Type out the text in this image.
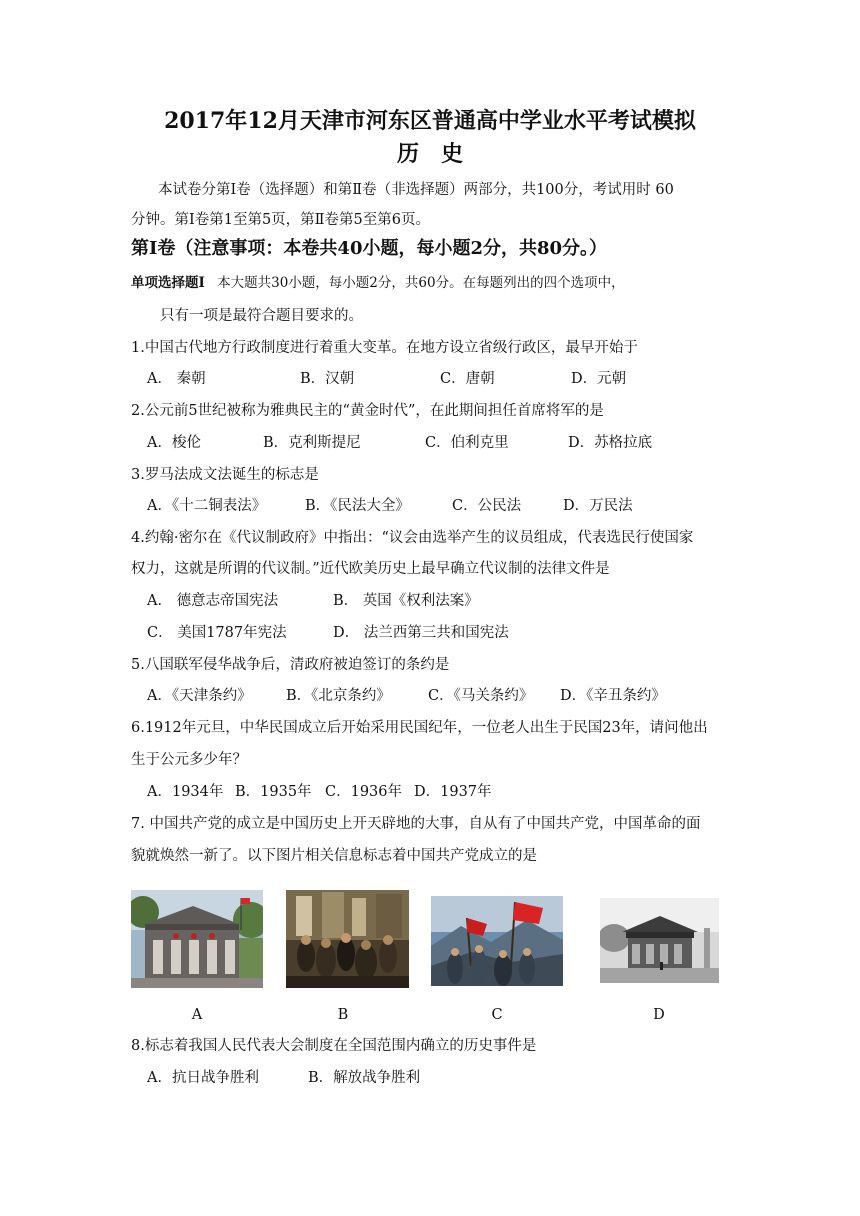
2017年12月天津市河东区普通高中学业水平考试模拟
历　史
本试卷分第Ⅰ卷（选择题）和第Ⅱ卷（非选择题）两部分，共100分，考试用时 60
分钟。第Ⅰ卷第1至第5页，第Ⅱ卷第5至第6页。
第Ⅰ卷（注意事项：本卷共40小题，每小题2分，共80分。）
单项选择题Ⅰ 本大题共30小题，每小题2分，共60分。在每题列出的四个选项中，
只有一项是最符合题目要求的。
1.中国古代地方行政制度进行着重大变革。在地方设立省级行政区，最早开始于
A． 秦朝	B．汉朝	C．唐朝	D．元朝
2.公元前5世纪被称为雅典民主的“黄金时代”，在此期间担任首席将军的是
A．梭伦	B．克利斯提尼	C．伯利克里	D．苏格拉底
3.罗马法成文法诞生的标志是
A．《十二铜表法》	B．《民法大全》	C．公民法	D．万民法
4.约翰·密尔在《代议制政府》中指出：“议会由选举产生的议员组成，代表选民行使国家
权力，这就是所谓的代议制。”近代欧美历史上最早确立代议制的法律文件是
A． 德意志帝国宪法	B． 英国《权利法案》
C． 美国1787年宪法	D． 法兰西第三共和国宪法
5.八国联军侵华战争后，清政府被迫签订的条约是
A．《天津条约》 B．《北京条约》	C．《马关条约》 D．《辛丑条约》
6.1912年元旦，中华民国成立后开始采用民国纪年，一位老人出生于民国23年，请问他出
生于公元多少年？
A．1934年 B．1935年 C．1936年 D．1937年
7. 中国共产党的成立是中国历史上开天辟地的大事，自从有了中国共产党，中国革命的面
貌就焕然一新了。以下图片相关信息标志着中国共产党成立的是
A	B	C	D
8.标志着我国人民代表大会制度在全国范围内确立的历史事件是
A．抗日战争胜利	B．解放战争胜利
